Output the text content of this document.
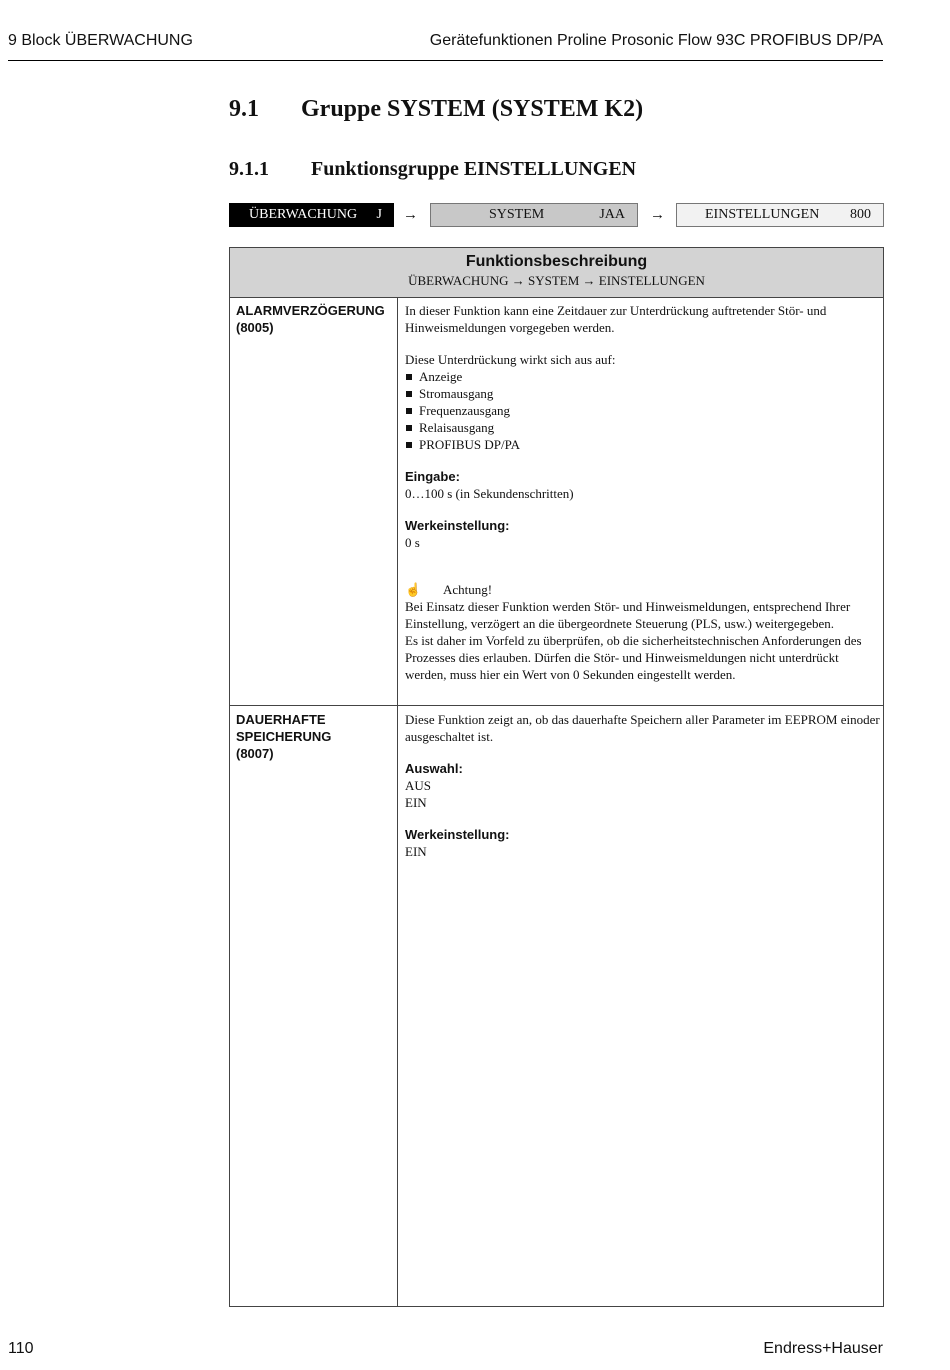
9 Block ÜBERWACHUNG	Gerätefunktionen Proline Prosonic Flow 93C PROFIBUS DP/PA
9.1 Gruppe SYSTEM (SYSTEM K2)
9.1.1 Funktionsgruppe EINSTELLUNGEN
ÜBERWACHUNG J →	SYSTEM	JAA →	EINSTELLUNGEN 800
Funktionsbeschreibung
ÜBERWACHUNG → SYSTEM → EINSTELLUNGEN
ALARMVERZÖGERUNG
(8005)

In dieser Funktion kann eine Zeitdauer zur Unterdrückung auftretender Stör- und Hinweismeldungen vorgegeben werden.

Diese Unterdrückung wirkt sich aus auf:

Anzeige
Stromausgang
Frequenzausgang
Relaisausgang
PROFIBUS DP/PA

Eingabe:

0…100 s (in Sekundenschritten)

Werkeinstellung:

0 s

☝	Achtung!

Bei Einsatz dieser Funktion werden Stör- und Hinweismeldungen, entsprechend Ihrer Einstellung, verzögert an die übergeordnete Steuerung (PLS, usw.) weitergegeben.

Es ist daher im Vorfeld zu überprüfen, ob die sicherheitstechnischen Anforderungen des Prozesses dies erlauben. Dürfen die Stör- und Hinweismeldungen nicht unterdrückt werden, muss hier ein Wert von 0 Sekunden eingestellt werden.

DAUERHAFTE
SPEICHERUNG
(8007)

Diese Funktion zeigt an, ob das dauerhafte Speichern aller Parameter im EEPROM einoder ausgeschaltet ist.

Auswahl:

AUS

EIN

Werkeinstellung:

EIN

110	Endress+Hauser
